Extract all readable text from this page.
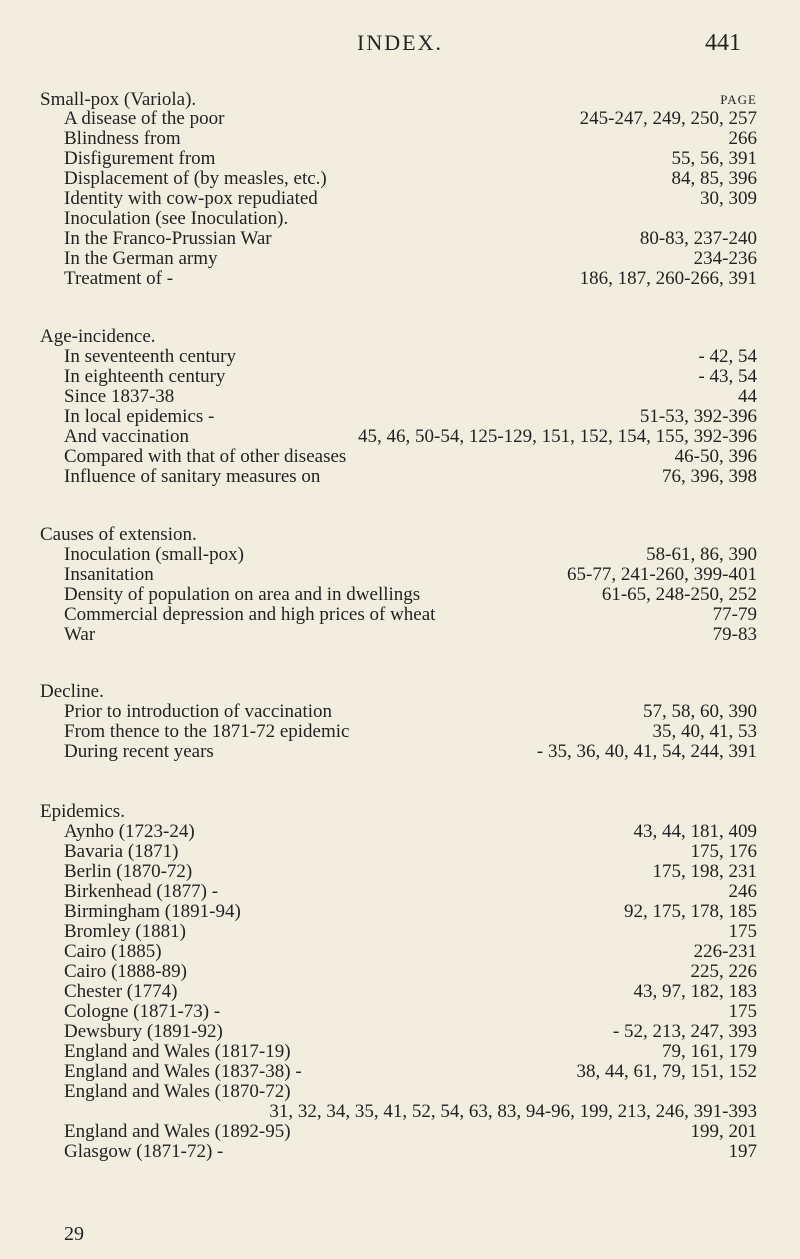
INDEX.	441
Small-pox (Variola).	PAGE
A disease of the poor	245-247, 249, 250, 257
Blindness from	266
Disfigurement from	55, 56, 391
Displacement of (by measles, etc.)	84, 85, 396
Identity with cow-pox repudiated	30, 309
Inoculation (see Inoculation).
In the Franco-Prussian War	80-83, 237-240
In the German army	234-236
Treatment of -	186, 187, 260-266, 391
Age-incidence.
In seventeenth century	- 42, 54
In eighteenth century	- 43, 54
Since 1837-38	44
In local epidemics -	51-53, 392-396
And vaccination	45, 46, 50-54, 125-129, 151, 152, 154, 155, 392-396
Compared with that of other diseases	46-50, 396
Influence of sanitary measures on	76, 396, 398
Causes of extension.
Inoculation (small-pox)	58-61, 86, 390
Insanitation	65-77, 241-260, 399-401
Density of population on area and in dwellings	61-65, 248-250, 252
Commercial depression and high prices of wheat	77-79
War	79-83
Decline.
Prior to introduction of vaccination	57, 58, 60, 390
From thence to the 1871-72 epidemic	35, 40, 41, 53
During recent years	- 35, 36, 40, 41, 54, 244, 391
Epidemics.
Aynho (1723-24)	43, 44, 181, 409
Bavaria (1871)	175, 176
Berlin (1870-72)	175, 198, 231
Birkenhead (1877) -	246
Birmingham (1891-94)	92, 175, 178, 185
Bromley (1881)	175
Cairo (1885)	226-231
Cairo (1888-89)	225, 226
Chester (1774)	43, 97, 182, 183
Cologne (1871-73) -	175
Dewsbury (1891-92)	- 52, 213, 247, 393
England and Wales (1817-19)	79, 161, 179
England and Wales (1837-38) -	38, 44, 61, 79, 151, 152
England and Wales (1870-72)
31, 32, 34, 35, 41, 52, 54, 63, 83, 94-96, 199, 213, 246, 391-393
England and Wales (1892-95)	199, 201
Glasgow (1871-72) -	197
29
